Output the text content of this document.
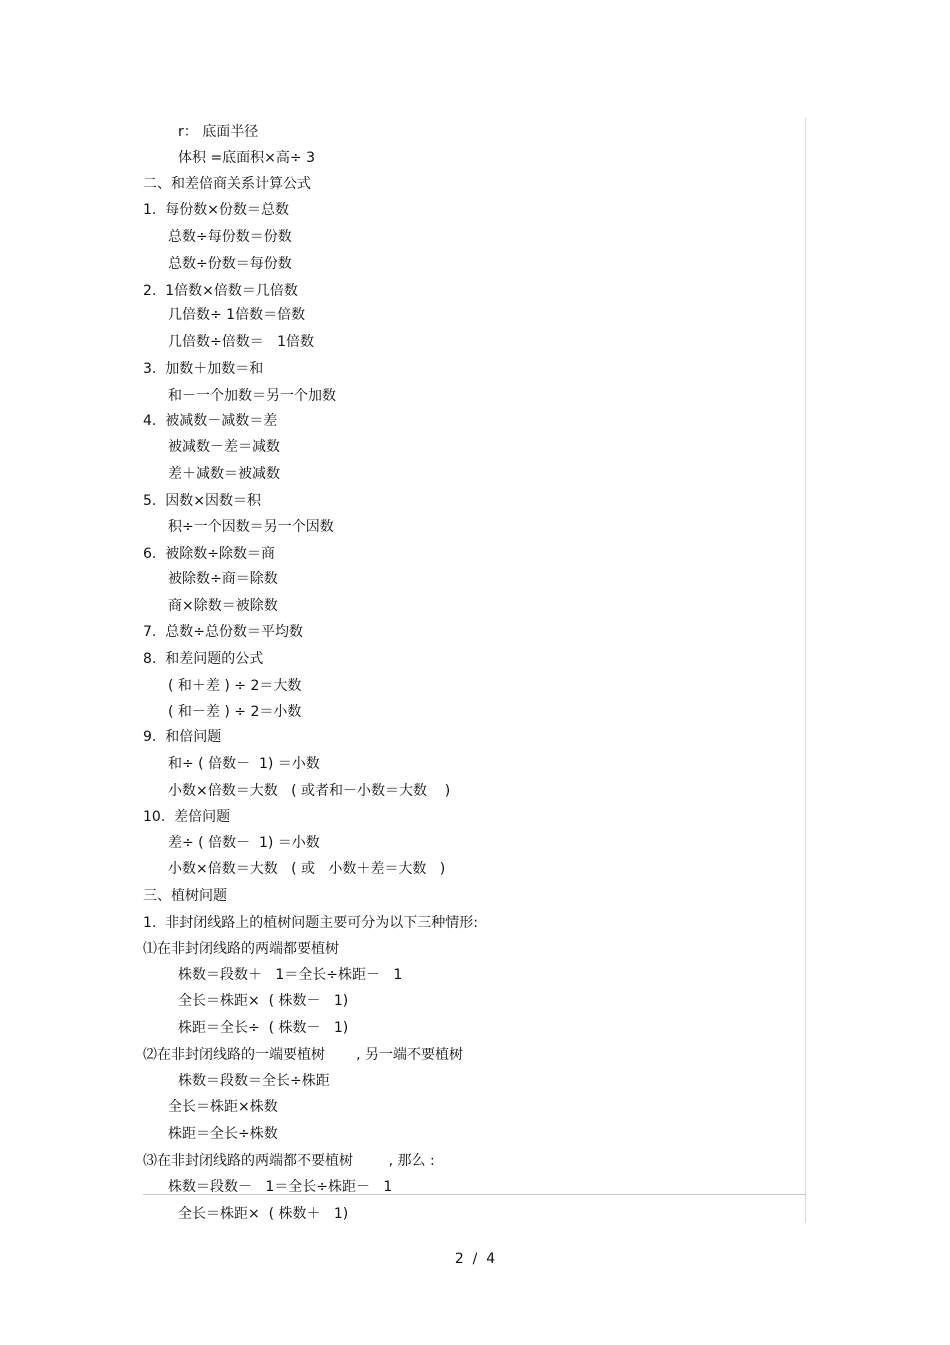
r： 底面半径
体积 =底面积×高÷ 3
二、和差倍商关系计算公式
1.  每份数×份数＝总数
总数÷每份数＝份数
总数÷份数＝每份数
2.  1倍数×倍数＝几倍数
几倍数÷ 1倍数＝倍数
几倍数÷倍数＝   1倍数
3.  加数＋加数＝和
和－一个加数＝另一个加数
4.  被减数－减数＝差
被减数－差＝减数
差＋减数＝被减数
5.  因数×因数＝积
积÷一个因数＝另一个因数
6.  被除数÷除数＝商
被除数÷商＝除数
商×除数＝被除数
7.  总数÷总份数＝平均数
8.  和差问题的公式
( 和＋差 ) ÷ 2＝大数
( 和－差 ) ÷ 2＝小数
9.  和倍问题
和÷ ( 倍数－  1) ＝小数
小数×倍数＝大数   ( 或者和－小数＝大数    )
10.  差倍问题
差÷ ( 倍数－  1) ＝小数
小数×倍数＝大数   ( 或   小数＋差＝大数   )
三、植树问题
1.  非封闭线路上的植树问题主要可分为以下三种情形:
⑴在非封闭线路的两端都要植树
株数＝段数＋   1＝全长÷株距－   1
全长＝株距×  ( 株数－   1)
株距＝全长÷  ( 株数－   1)
⑵在非封闭线路的一端要植树       , 另一端不要植树
株数＝段数＝全长÷株距
全长＝株距×株数
株距＝全长÷株数
⑶在非封闭线路的两端都不要植树        , 那么 :
株数＝段数－   1＝全长÷株距－   1
全长＝株距×  ( 株数＋   1)
2  /  4
